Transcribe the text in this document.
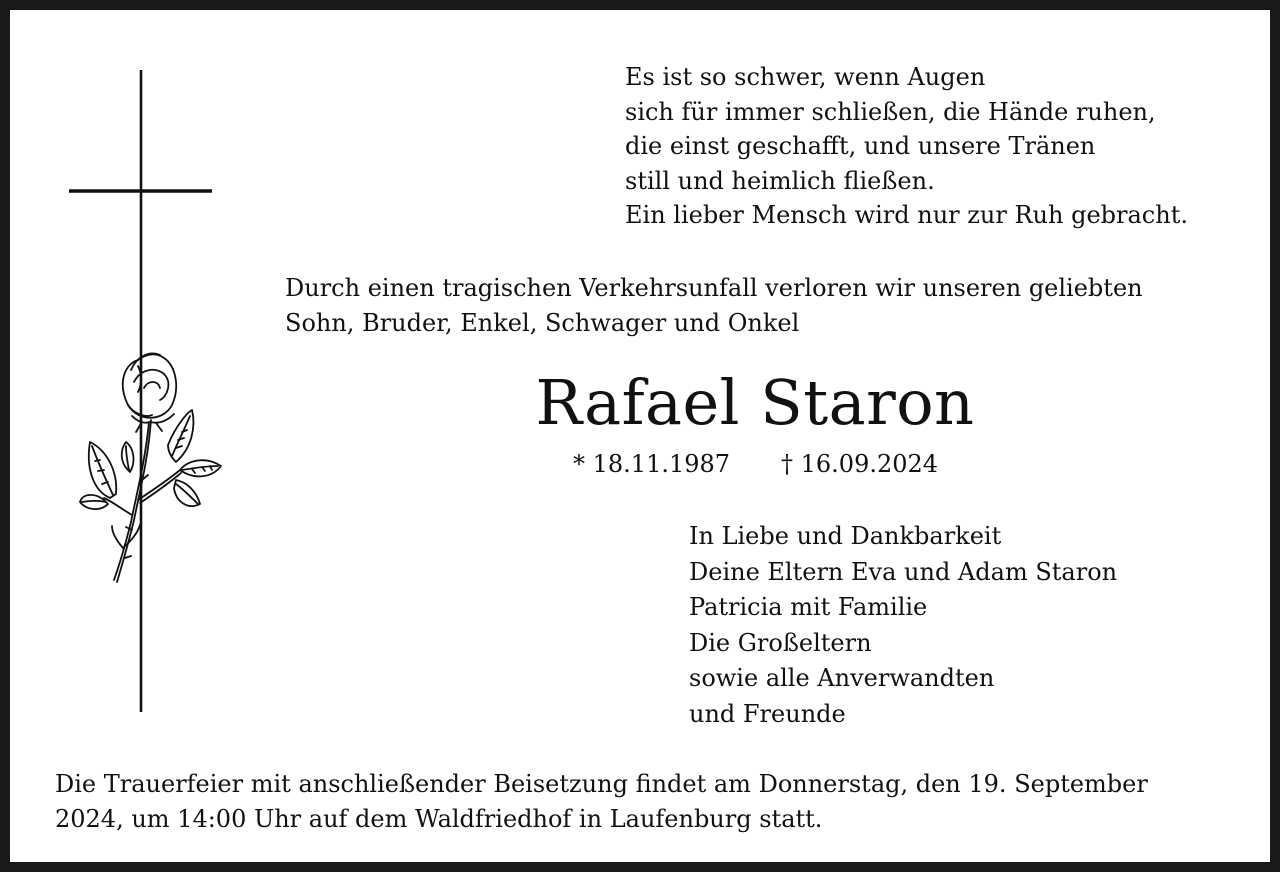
Es ist so schwer, wenn Augen
sich für immer schließen, die Hände ruhen,
die einst geschafft, und unsere Tränen
still und heimlich fließen.
Ein lieber Mensch wird nur zur Ruh gebracht.
Durch einen tragischen Verkehrsunfall verloren wir unseren geliebten
Sohn, Bruder, Enkel, Schwager und Onkel
Rafael Staron
* 18.11.1987 † 16.09.2024
In Liebe und Dankbarkeit
Deine Eltern Eva und Adam Staron
Patricia mit Familie
Die Großeltern
sowie alle Anverwandten
und Freunde
Die Trauerfeier mit anschließender Beisetzung findet am Donnerstag, den 19. September
2024, um 14:00 Uhr auf dem Waldfriedhof in Laufenburg statt.
